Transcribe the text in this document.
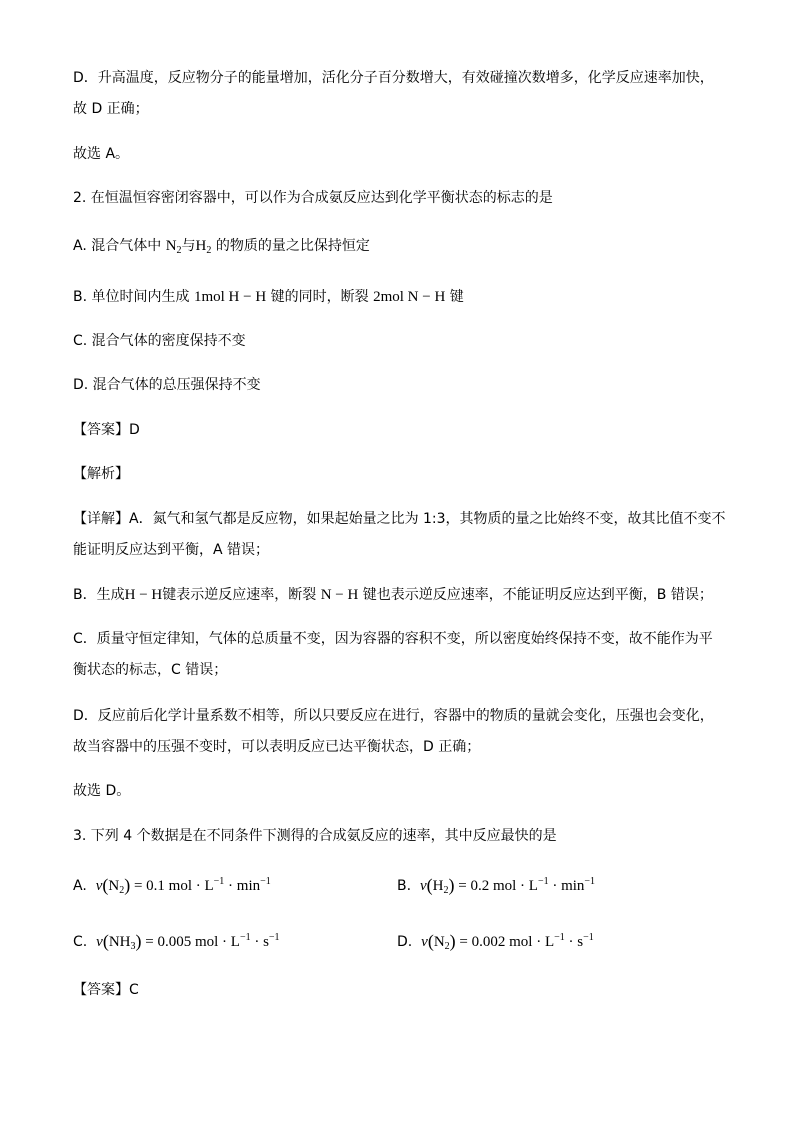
D．升高温度，反应物分子的能量增加，活化分子百分数增大，有效碰撞次数增多，化学反应速率加快，
故 D 正确；
故选 A。
2. 在恒温恒容密闭容器中，可以作为合成氨反应达到化学平衡状态的标志的是
A. 混合气体中 $N_2$与$H_2$ 的物质的量之比保持恒定
B. 单位时间内生成 1mol H − H 键的同时，断裂 2mol N − H 键
C. 混合气体的密度保持不变
D. 混合气体的总压强保持不变
【答案】D
【解析】
【详解】A．氮气和氢气都是反应物，如果起始量之比为 1:3，其物质的量之比始终不变，故其比值不变不
能证明反应达到平衡，A 错误；
B．生成H − H键表示逆反应速率，断裂 N − H 键也表示逆反应速率，不能证明反应达到平衡，B 错误；
C．质量守恒定律知，气体的总质量不变，因为容器的容积不变，所以密度始终保持不变，故不能作为平
衡状态的标志，C 错误；
D．反应前后化学计量系数不相等，所以只要反应在进行，容器中的物质的量就会变化，压强也会变化，
故当容器中的压强不变时，可以表明反应已达平衡状态，D 正确；
故选 D。
3. 下列 4 个数据是在不同条件下测得的合成氨反应的速率，其中反应最快的是
A. $v(N_2) = 0.1$ mol · $L^{-1} \cdot \min^{-1}$	B. $v(H_2) = 0.2$ mol · $L^{-1} \cdot \min^{-1}$
C. $v(NH_3) = 0.005$ mol · $L^{-1} \cdot s^{-1}$	D. $v(N_2) = 0.002$ mol · $L^{-1} \cdot s^{-1}$
【答案】C
